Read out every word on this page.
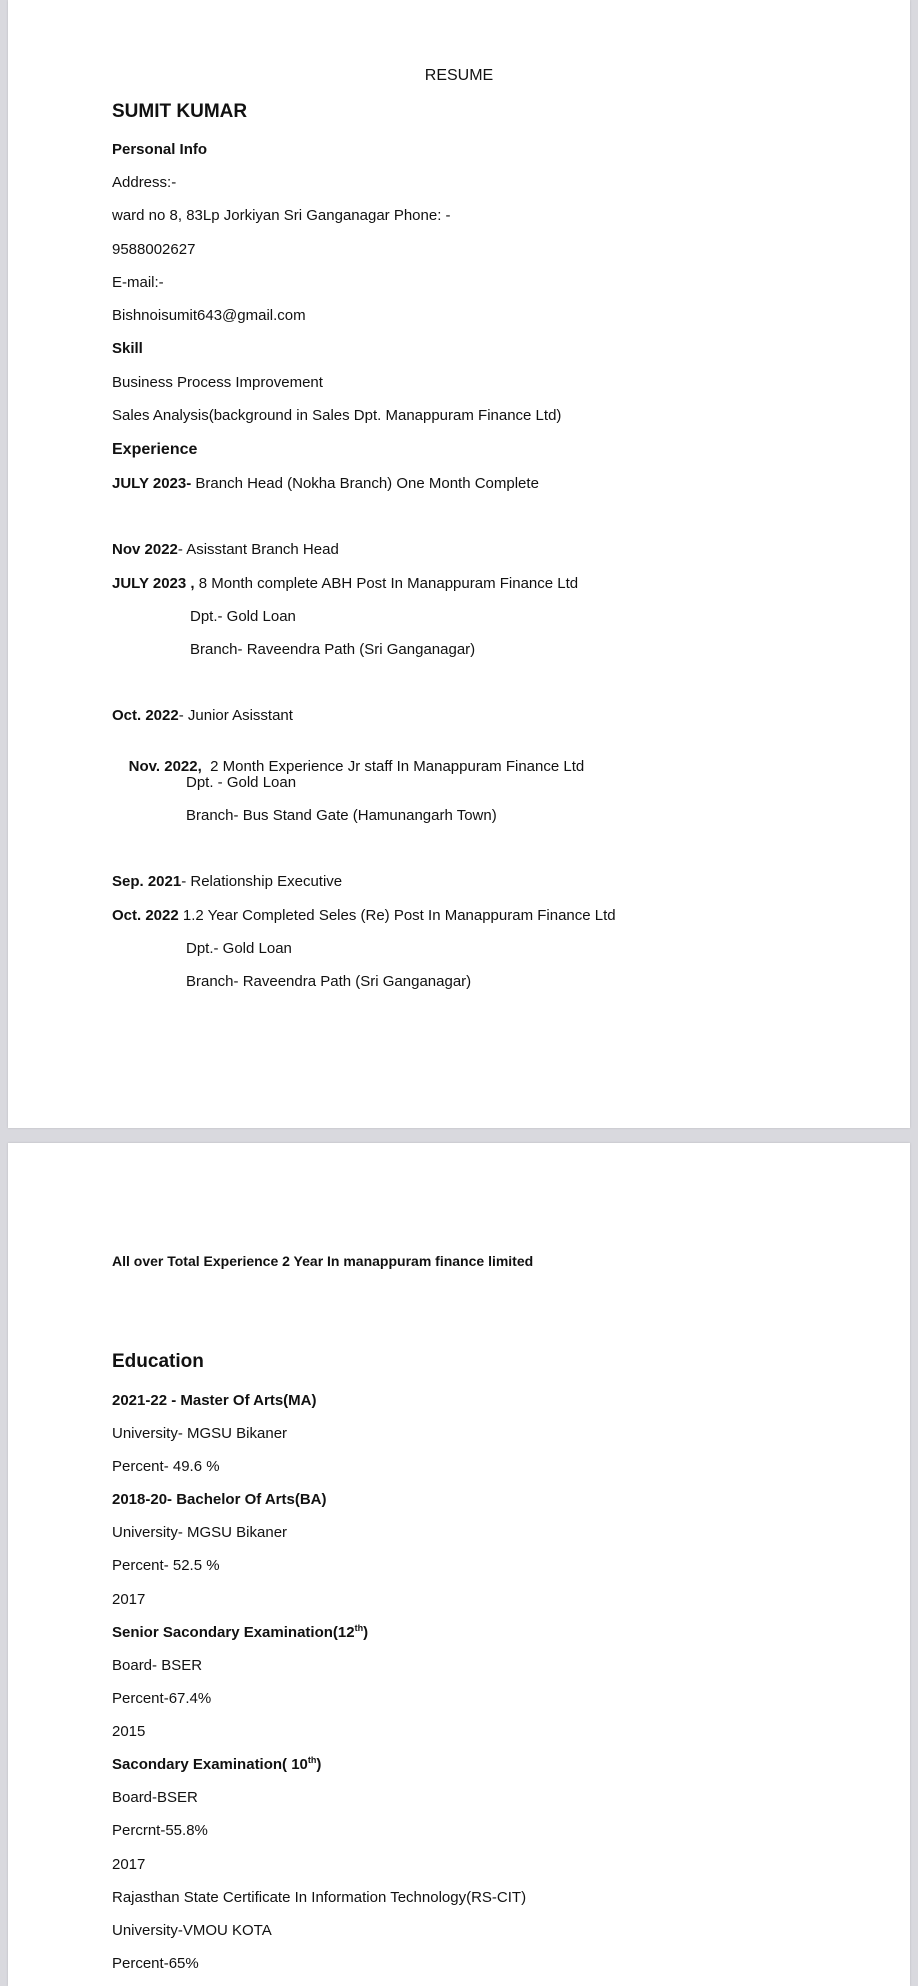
RESUME
SUMIT KUMAR
Personal Info
Address:-
ward no 8, 83Lp Jorkiyan Sri Ganganagar Phone: -
9588002627
E-mail:-
Bishnoisumit643@gmail.com
Skill
Business Process Improvement
Sales Analysis(background in Sales Dpt. Manappuram Finance Ltd)
Experience
JULY 2023- Branch Head (Nokha Branch) One Month Complete
Nov 2022- Asisstant Branch Head
JULY 2023 , 8 Month complete ABH Post In Manappuram Finance Ltd
Dpt.- Gold Loan
Branch- Raveendra Path (Sri Ganganagar)
Oct. 2022- Junior Asisstant

Nov. 2022,  2 Month Experience Jr staff In Manappuram Finance Ltd

Dpt. - Gold Loan
Branch- Bus Stand Gate (Hamunangarh Town)
Sep. 2021- Relationship Executive
Oct. 2022 1.2 Year Completed Seles (Re) Post In Manappuram Finance Ltd
Dpt.- Gold Loan
Branch- Raveendra Path (Sri Ganganagar)
All over Total Experience 2 Year In manappuram finance limited
Education
2021-22 - Master Of Arts(MA)
University- MGSU Bikaner
Percent- 49.6 %
2018-20- Bachelor Of Arts(BA)
University- MGSU Bikaner
Percent- 52.5 %
2017
Senior Sacondary Examination(12th)
Board- BSER
Percent-67.4%
2015
Sacondary Examination( 10th)
Board-BSER
Percrnt-55.8%
2017
Rajasthan State Certificate In Information Technology(RS-CIT)
University-VMOU KOTA
Percent-65%
